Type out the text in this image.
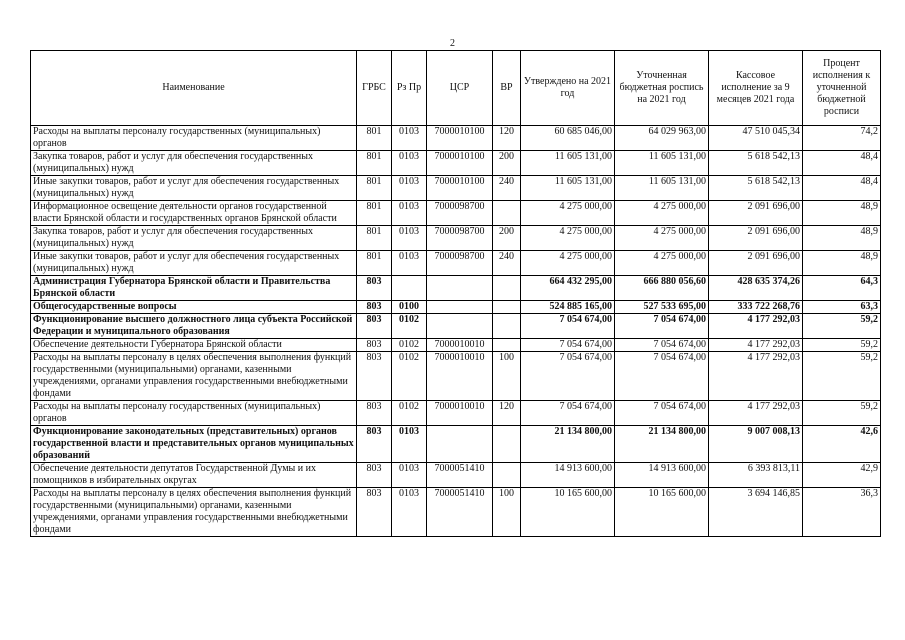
2
Наименование	ГРБС	Рз Пр	ЦСР	ВР	Утверждено на 2021 год	Уточненная бюджетная роспись на 2021 год	Кассовое исполнение за 9 месяцев 2021 года	Процент исполнения к уточненной бюджетной росписи
Расходы на выплаты персоналу государственных (муниципальных) органов	801	0103	7000010100	120	60 685 046,00	64 029 963,00	47 510 045,34	74,2
Закупка товаров, работ и услуг для обеспечения государственных (муниципальных) нужд	801	0103	7000010100	200	11 605 131,00	11 605 131,00	5 618 542,13	48,4
Иные закупки товаров, работ и услуг для обеспечения государственных (муниципальных) нужд	801	0103	7000010100	240	11 605 131,00	11 605 131,00	5 618 542,13	48,4
Информационное освещение деятельности органов государственной власти Брянской области и государственных органов Брянской области	801	0103	7000098700		4 275 000,00	4 275 000,00	2 091 696,00	48,9
Закупка товаров, работ и услуг для обеспечения государственных (муниципальных) нужд	801	0103	7000098700	200	4 275 000,00	4 275 000,00	2 091 696,00	48,9
Иные закупки товаров, работ и услуг для обеспечения государственных (муниципальных) нужд	801	0103	7000098700	240	4 275 000,00	4 275 000,00	2 091 696,00	48,9
Администрация Губернатора Брянской области и Правительства Брянской области	803				664 432 295,00	666 880 056,60	428 635 374,26	64,3
Общегосударственные вопросы	803	0100			524 885 165,00	527 533 695,00	333 722 268,76	63,3
Функционирование высшего должностного лица субъекта Российской Федерации и муниципального образования	803	0102			7 054 674,00	7 054 674,00	4 177 292,03	59,2
Обеспечение деятельности Губернатора Брянской области	803	0102	7000010010		7 054 674,00	7 054 674,00	4 177 292,03	59,2
Расходы на выплаты персоналу в целях обеспечения выполнения функций государственными (муниципальными) органами, казенными учреждениями, органами управления государственными внебюджетными фондами	803	0102	7000010010	100	7 054 674,00	7 054 674,00	4 177 292,03	59,2
Расходы на выплаты персоналу государственных (муниципальных) органов	803	0102	7000010010	120	7 054 674,00	7 054 674,00	4 177 292,03	59,2
Функционирование законодательных (представительных) органов государственной власти и представительных органов муниципальных образований	803	0103			21 134 800,00	21 134 800,00	9 007 008,13	42,6
Обеспечение деятельности депутатов Государственной Думы и их помощников в избирательных округах	803	0103	7000051410		14 913 600,00	14 913 600,00	6 393 813,11	42,9
Расходы на выплаты персоналу в целях обеспечения выполнения функций государственными (муниципальными) органами, казенными учреждениями, органами управления государственными внебюджетными фондами	803	0103	7000051410	100	10 165 600,00	10 165 600,00	3 694 146,85	36,3
